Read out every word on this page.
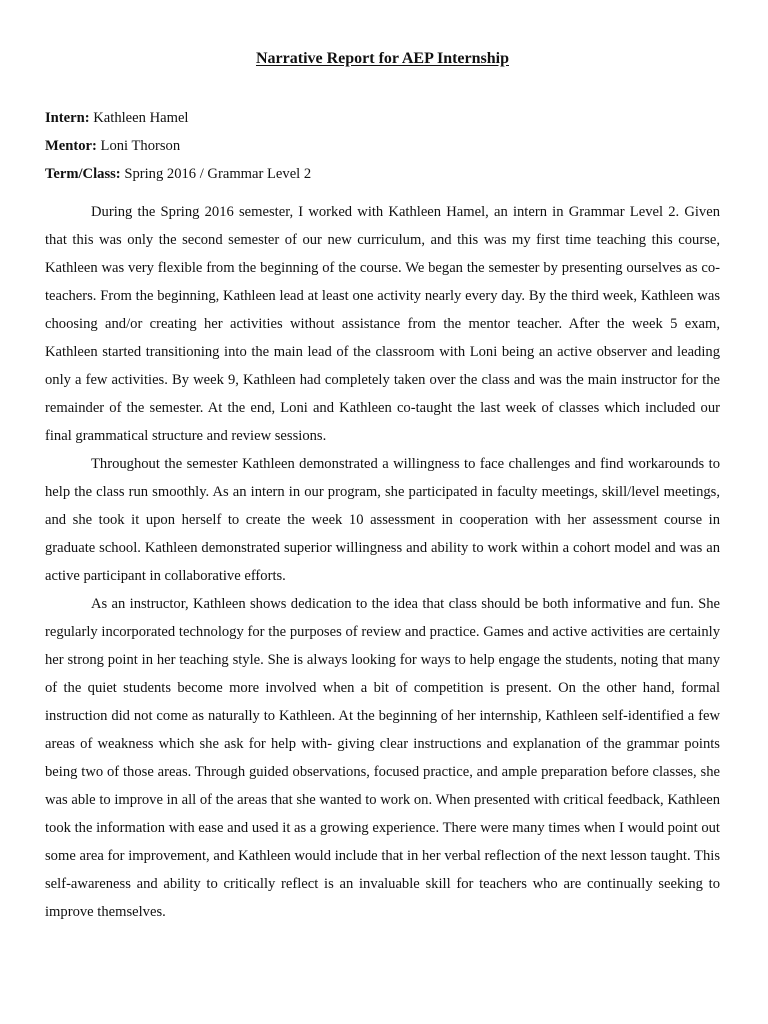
Narrative Report for AEP Internship

Intern: Kathleen Hamel

Mentor: Loni Thorson

Term/Class: Spring 2016 / Grammar Level 2

During the Spring 2016 semester, I worked with Kathleen Hamel, an intern in Grammar Level 2. Given that this was only the second semester of our new curriculum, and this was my first time teaching this course, Kathleen was very flexible from the beginning of the course. We began the semester by presenting ourselves as co-teachers. From the beginning, Kathleen lead at least one activity nearly every day. By the third week, Kathleen was choosing and/or creating her activities without assistance from the mentor teacher. After the week 5 exam, Kathleen started transitioning into the main lead of the classroom with Loni being an active observer and leading only a few activities. By week 9, Kathleen had completely taken over the class and was the main instructor for the remainder of the semester. At the end, Loni and Kathleen co-taught the last week of classes which included our final grammatical structure and review sessions.

Throughout the semester Kathleen demonstrated a willingness to face challenges and find workarounds to help the class run smoothly. As an intern in our program, she participated in faculty meetings, skill/level meetings, and she took it upon herself to create the week 10 assessment in cooperation with her assessment course in graduate school. Kathleen demonstrated superior willingness and ability to work within a cohort model and was an active participant in collaborative efforts.

As an instructor, Kathleen shows dedication to the idea that class should be both informative and fun. She regularly incorporated technology for the purposes of review and practice. Games and active activities are certainly her strong point in her teaching style. She is always looking for ways to help engage the students, noting that many of the quiet students become more involved when a bit of competition is present. On the other hand, formal instruction did not come as naturally to Kathleen. At the beginning of her internship, Kathleen self-identified a few areas of weakness which she ask for help with- giving clear instructions and explanation of the grammar points being two of those areas. Through guided observations, focused practice, and ample preparation before classes, she was able to improve in all of the areas that she wanted to work on. When presented with critical feedback, Kathleen took the information with ease and used it as a growing experience. There were many times when I would point out some area for improvement, and Kathleen would include that in her verbal reflection of the next lesson taught. This self-awareness and ability to critically reflect is an invaluable skill for teachers who are continually seeking to improve themselves.
